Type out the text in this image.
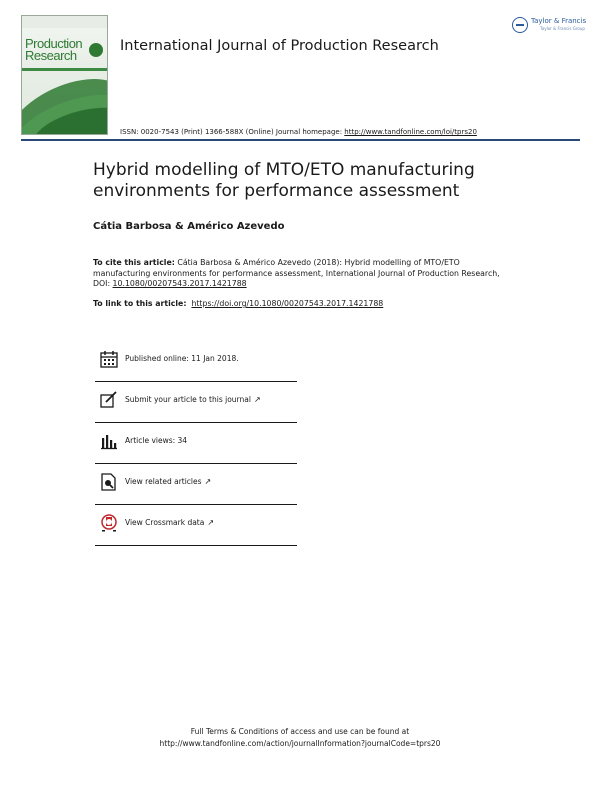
Production
Research
International Journal of Production Research
Taylor & Francis
Taylor & Francis Group
ISSN: 0020-7543 (Print) 1366-588X (Online) Journal homepage: http://www.tandfonline.com/loi/tprs20
Hybrid modelling of MTO/ETO manufacturing environments for performance assessment
Cátia Barbosa & Américo Azevedo
To cite this article: Cátia Barbosa & Américo Azevedo (2018): Hybrid modelling of MTO/ETO manufacturing environments for performance assessment, International Journal of Production Research, DOI: 10.1080/00207543.2017.1421788
To link to this article: https://doi.org/10.1080/00207543.2017.1421788
Published online: 11 Jan 2018.
Submit your article to this journal ↗
Article views: 34
View related articles ↗
View Crossmark data ↗
Full Terms & Conditions of access and use can be found at
http://www.tandfonline.com/action/journalInformation?journalCode=tprs20
